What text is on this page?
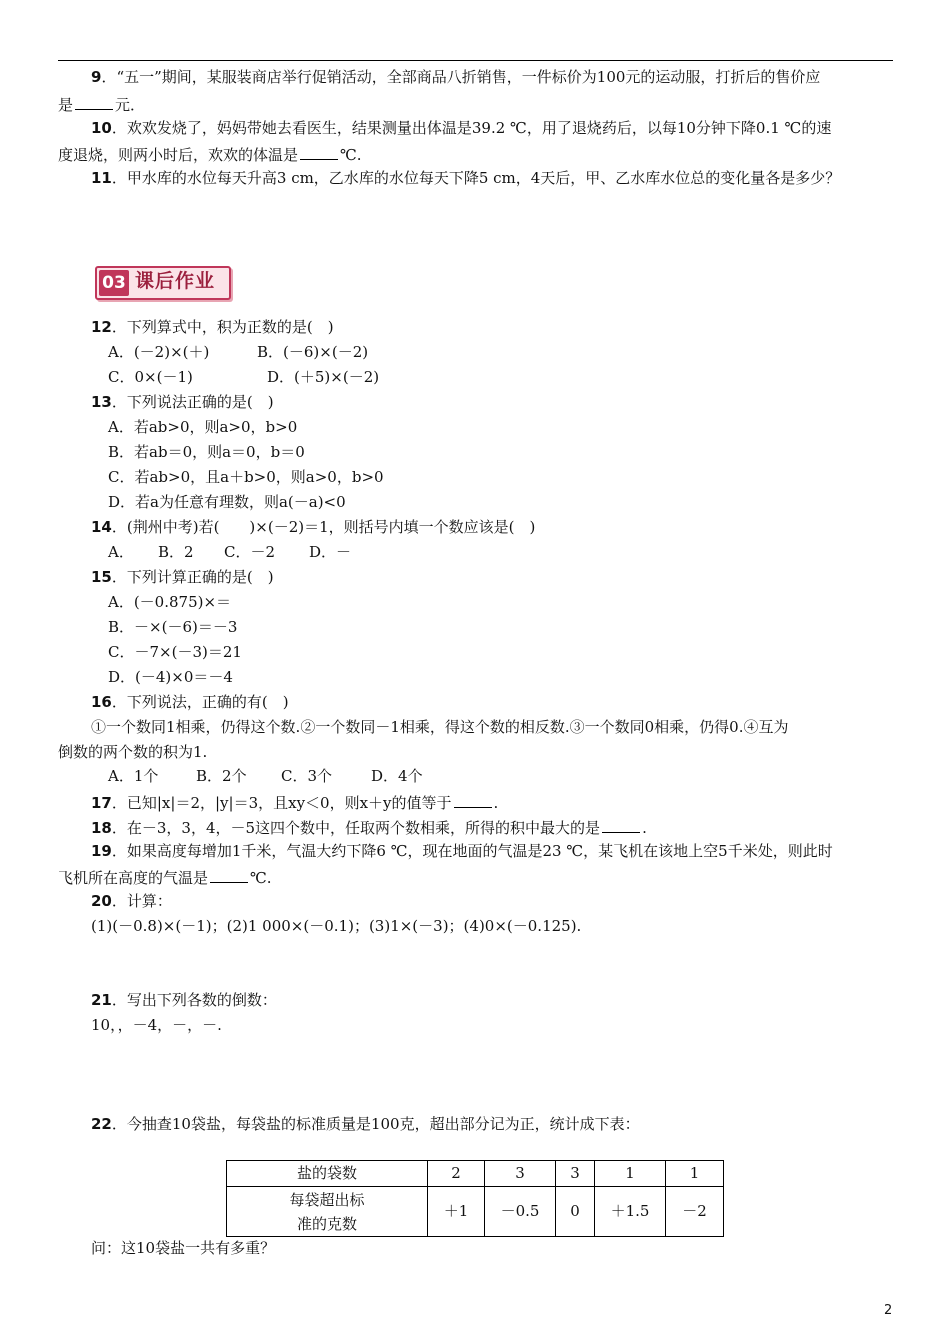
9．“五一”期间，某服装商店举行促销活动，全部商品八折销售，一件标价为100元的运动服，打折后的售价应
是	元．
10．欢欢发烧了，妈妈带她去看医生，结果测量出体温是39.2 ℃，用了退烧药后，以每10分钟下降0.1 ℃的速
度退烧，则两小时后，欢欢的体温是	℃.
11．甲水库的水位每天升高3 cm，乙水库的水位每天下降5 cm，4天后，甲、乙水库水位总的变化量各是多少？
03 课后作业
12．下列算式中，积为正数的是(　)
A．(－2)×(＋)	B．(－6)×(－2)
C．0×(－1)	D．(＋5)×(－2)
13．下列说法正确的是(　)
A．若ab>0，则a>0，b>0
B．若ab＝0，则a＝0，b＝0
C．若ab>0，且a＋b>0，则a>0，b>0
D．若a为任意有理数，则a(－a)<0
14．(荆州中考)若(　　)×(－2)＝1，则括号内填一个数应该是(　)
A． B．2 C．－2 D．－
15．下列计算正确的是(　)
A．(－0.875)×＝
B．－×(－6)＝－3
C．－7×(－3)＝21
D．(－4)×0＝－4
16．下列说法，正确的有(　)
①一个数同1相乘，仍得这个数.②一个数同－1相乘，得这个数的相反数.③一个数同0相乘，仍得0.④互为
倒数的两个数的积为1.
A．1个	B．2个 C．3个	D．4个
17．已知|x|＝2，|y|＝3，且xy＜0，则x＋y的值等于	.
18．在－3，3，4，－5这四个数中，任取两个数相乘，所得的积中最大的是	.
19．如果高度每增加1千米，气温大约下降6 ℃，现在地面的气温是23 ℃，某飞机在该地上空5千米处，则此时
飞机所在高度的气温是	℃.
20．计算：
(1)(－0.8)×(－1)；(2)1 000×(－0.1)；(3)1×(－3)；(4)0×(－0.125).
21．写出下列各数的倒数：
10，，－4，－，－.
22．今抽查10袋盐，每袋盐的标准质量是100克，超出部分记为正，统计成下表：
盐的袋数	2	3	3	1	1
每袋超出标
准的克数	＋1	－0.5	0	＋1.5	－2
问：这10袋盐一共有多重？
2
